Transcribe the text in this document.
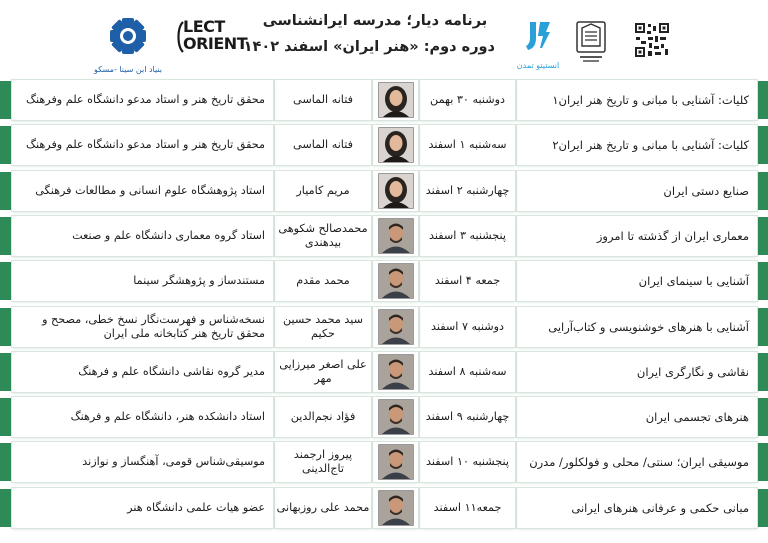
برنامه دیار؛ مدرسه ایرانشناسی
دوره دوم: «هنر ایران» اسفند ۱۴۰۲
انستیتو تمدن
LECT
ORIENT
بنیاد ابن سینا -مسکو
کلیات: آشنایی با مبانی و تاریخ هنر ایران۱
دوشنبه ۳۰ بهمن
فتانه الماسی
محقق تاریخ هنر و استاد مدعو دانشگاه علم وفرهنگ
کلیات: آشنایی با مبانی و تاریخ هنر ایران۲
سه‌شنبه ۱ اسفند
فتانه الماسی
محقق تاریخ هنر و استاد مدعو دانشگاه علم وفرهنگ
صنایع دستی ایران
چهارشنبه ۲ اسفند
مریم کامیار
استاد پژوهشگاه علوم انسانی و مطالعات فرهنگی
معماری ایران از گذشته تا امروز
پنجشنبه ۳ اسفند
محمدصالح شکوهی بیدهندی
استاد گروه معماری دانشگاه علم و صنعت
آشنایی با سینمای ایران
جمعه ۴ اسفند
محمد مقدم
مستندساز و پژوهشگر سینما
آشنایی با هنرهای خوشنویسی و کتاب‌آرایی
دوشنبه ۷ اسفند
سید محمد حسین حکیم
نسخه‌شناس و فهرست‌نگار نسخ خطی، مصحح و محقق تاریخ هنر کتابخانه ملی ایران
نقاشی و نگارگری ایران
سه‌شنبه ۸ اسفند
علی اصغر میرزایی مهر
مدیر گروه نقاشی دانشگاه علم و فرهنگ
هنرهای تجسمی ایران
چهارشنبه ۹ اسفند
فؤاد نجم‌الدین
استاد دانشکده هنر، دانشگاه علم و فرهنگ
موسیقی ایران؛ سنتی/ محلی و فولکلور/ مدرن
پنجشنبه ۱۰ اسفند
پیروز ارجمند تاج‌الدینی
موسیقی‌شناس قومی، آهنگساز و نوازند
مبانی حکمی و عرفانی هنرهای ایرانی
جمعه۱۱ اسفند
محمد علی روزبهانی
عضو هیات علمی دانشگاه هنر
